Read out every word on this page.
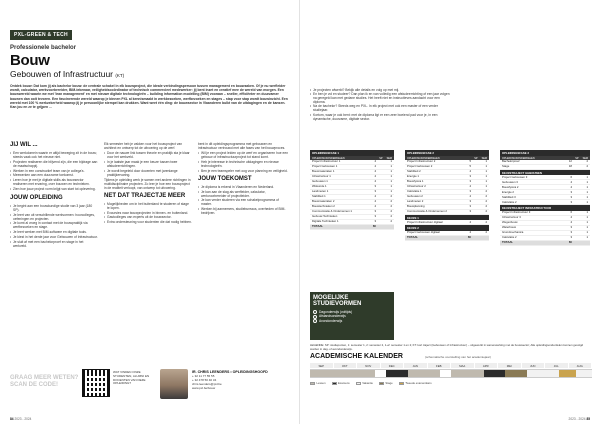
PXL-GREEN & TECH
Professionele bachelor
Bouw
Gebouwen of Infrastructuur (KT)
Ontdek bouw: Dat kom jij als bachelor bouw: de centrale schakel in elk bouwproject, die ideale verbindingspersoon tussen management en bouwzaken. Of je nu werfleider wordt, calculator, werkvoorbereider, BIM-tekenaar, veiligheidscoördinator of technisch commercieel medewerker: jij bent inzet en creatief mee de wereld van morgen. Een bouwwereld waarin we met 'lean management' en met nieuwe digitale technologieën – building information modelling (BIM) vooraan – sneller, efficiënter en duurzamer bouwen dan ooit tevoren. Een fascinerende wereld waarop je binnen PXL al kennismaakt in werkbezoeken, werfbezoeken en stages – stap voor stap wordt bouwinzicht. Een wereld met 100 % werkzekerheid waarop jij je persoonlijke stempel kan drukken. Want weet één ding: de bouwsector in Vlaanderen bulkt van de uitdagingen en de kansen. Kan jou en ze te grijpen ...
JIJ WIL ...
• Een werkdomein waarin er altijd beweging zit in de bouw; steeds vaak ook het nieuwe niet.
• Projecten realiseren die blijvend zijn, die een bijdrage aan de maatschappij.
• Werken in een constructief team van je collega's.
• Meewerken aan een duurzame toekomst.
• Leren hoe je met je digitale skills als bouwsector realiseren met ervaring, over bouwen en technieken.
• Zien hoe jouw project vorm krijgt van start tot oplevering.
JOUW OPLEIDING
• Je begint aan een bouwkundige studie van 3 jaar (180 SP).
• Je leert van uit verschillende werkvormen: hoorcolleges, oefeningen en projecten.
• Je komt al vroeg in contact met de bouwpraktijk via werfbezoeken en stage.
• Je leert werken met BIM-software en digitale tools.
• Je kiest in het derde jaar voor Gebouwen of Infrastructuur.
• Je sluit af met een bachelorproef en stage in het werkveld.

Elk semester heb je vakken voor het bouwproject van architect en ontwerp tot de uitvoering op de werf.

• Door de nauwe link tussen theorie en praktijk sta je klaar voor het werkveld.
• In je laatste jaar maak je een keuze tussen twee afstudeerrichtingen.
• Je wordt begeleid door docenten met jarenlange praktijkervaring.

Tijdens je opleiding werk je samen met andere richtingen in multidisciplinaire projecten. Zo leer je hoe een bouwproject in de realiteit verloopt, van ontwerp tot uitvoering.

NET DAT TRAJECTJE MEER
• Mogelijkheden om in het buitenland te studeren of stage te lopen.
• Excursies naar bouwprojecten in binnen- en buitenland.
• Gastcolleges van experts uit de bouwsector.
• Extra ondersteuning voor studenten die dat nodig hebben.

bent in dit opleidingsprogramma met gebouwen en infrastructuur vertrouwd met alle fases van het bouwproces.

• Wil je een project leiden op de werf en organiseren hoe een gebouw of infrastructuurproject tot stand komt.
• Heb je interesse in technische uitdagingen en nieuwe technologieën.
• Ben je een teamspeler met oog voor planning en veiligheid.
JOUW TOEKOMST
• Je diploma is erkend in Vlaanderen en Nederland.
• Je kan aan de slag als werfleider, calculator, werkvoorbereider of projectleider.
• Je kan verder studeren via een schakelprogramma of master.
• Werken bij aannemers, studiebureaus, overheden of BIM-bedrijven.
GRAAG MEER WETEN? SCAN DE CODE!
WAT VINDEN ONZE STUDENTEN, ALUMNI EN DOCENTEN VAN DEZE OPLEIDING?
IR. CHRIS LEENDERS • OPLEIDINGSHOOFD
+ 32 11 77 55 55
+ 32 478 50 40 34
chris.leenders@pxl.be
www.pxl.be/bouw
84 2023 - 2024
• Je projecten afwerkt? Bekijk alle details en volg op met mij.
• En ben je vol en studeer? Dan plan ik en van volledig een afstudeerrichting of een jaar volgen na geregeld kan met gedane studies. Het heeft niet en instructieves aandacht voor een diploma.
• Na de bachelor? Steeds weg en PXL. In elk project met ook een master of een verder studiejaar.
• Kortom, waar je ook bent: met de diploma ligt er een zeer boeiend pad voor je, in een dynamische, duurzame, digitale sector.
OPLEIDINGSFASE 1
OPLEIDINGSONDERDELEN	SP SEM
Project Infrastructuur 1	4	1
Project Gebouwen 1	4	1
Bouwmaterialen 1	4	1
Infrastructuur 1	4	1
Gebouwen 1	4	1
Wiskunde 1	3	1
Landmeten 1	3	1
Stabiliteit 1	4	2
Bouwmaterialen 2	4	2
Bouwtechnieken 2	4	2
Communicatie & Ondernemen 1	3	2
Gebouw Technieken	3	2
Digitale Technieken 1	3	2
TOTAAL	60
OPLEIDINGSFASE 2
OPLEIDINGSONDERDELEN	SP SEM
Project Infrastructuur 2	5	1
Project Gebouwen 2	5	1
Stabiliteit 2	4	1
Energie 1	3	1
Bouwfysica 1	3	1
Infrastructuur 2	4	1
Calculatie 1	3	2
Gebouwen 2	4	2
Landmeten 2	3	2
Bouwplanning	3	2
Communicatie & Ondernemen 2	3	2
KEUZE 1
Project Infrastructuur digitaal	4	2
KEUZE 2
Project Gebouwen digitaal	4	2
TOTAAL	60
OPLEIDINGSFASE 3
OPLEIDINGSONDERDELEN	SP SEM
Bachelorproef	12	2
Stage	18	2
KEUZETRAJECT GEBOUWEN
Project Gebouwen 3	6	1
Gebouwen 3	4	1
Bouwfysica 2	4	1
Energie 2	3	1
Stabiliteit 3	3	1
Calculatie 2	3	1
KEUZETRAJECT INFRASTRUCTUUR
Project Infrastructuur 3	6	1
Infrastructuur 3	4	1
Wegenbouw	4	1
Waterbouw	3	1
Grondmechanica	3	1
Calculatie 2	3	1
TOTAAL	60
MOGELIJKE STUDIEVORMEN
Dagonderwijs (voltijds)
Afstandsonderwijs
Avondonderwijs
LEGENDE: SP: studiepunten, 1: semester 1, 2: semester 2, 1+2: semester 1 en 2; KT: kort traject (Gebouwen of Infrastructuur) – uitgewerkt in samenwerking met de bouwsector; Alle opleidingsonderdelen kunnen gevolgd worden in dag- of avondonderwijs.
ACADEMISCHE KALENDER	(schematische voorstelling van het academiejaar)
SEP	OKT	NOV	DEC	JAN	FEB	MAA	APR	MEI	JUN	JUL	AUG
Lessen	Examens	Vakantie	Stage	Tweede examenkans
2023 - 2024 85
